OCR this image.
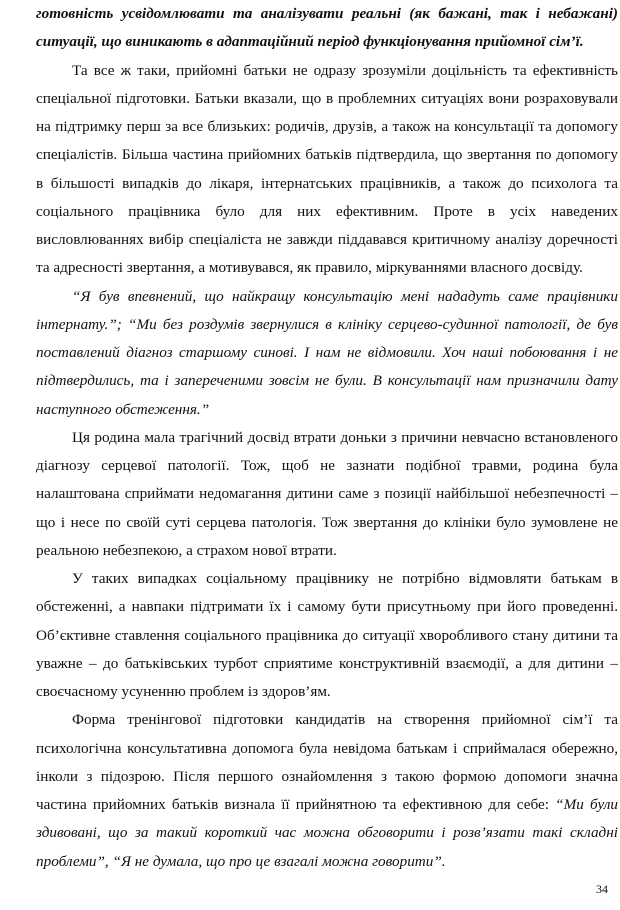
готовність усвідомлювати та аналізувати реальні (як бажані, так і небажані) ситуації, що виникають в адаптаційний період функціонування прийомної сім’ї.

Та все ж таки, прийомні батьки не одразу зрозуміли доцільність та ефективність спеціальної підготовки. Батьки вказали, що в проблемних ситуаціях вони розраховували на підтримку перш за все близьких: родичів, друзів, а також на консультації та допомогу спеціалістів. Більша частина прийомних батьків підтвердила, що звертання по допомогу в більшості випадків до лікаря, інтернатських працівників, а також до психолога та соціального працівника було для них ефективним. Проте в усіх наведених висловлюваннях вибір спеціаліста не завжди піддавався критичному аналізу доречності та адресності звертання, а мотивувався, як правило, міркуваннями власного досвіду.

“Я був впевнений, що найкращу консультацію мені нададуть саме працівники інтернату.”; “Ми без роздумів звернулися в клініку серцево-судинної патології, де був поставлений діагноз старшому синові. І нам не відмовили. Хоч наші побоювання і не підтвердились, та і запереченими зовсім не були. В консультації нам призначили дату наступного обстеження.”

Ця родина мала трагічний досвід втрати доньки з причини невчасно встановленого діагнозу серцевої патології. Тож, щоб не зазнати подібної травми, родина була налаштована сприймати недомагання дитини саме з позиції найбільшої небезпечності – що і несе по своїй суті серцева патологія. Тож звертання до клініки було зумовлене не реальною небезпекою, а страхом нової втрати.

У таких випадках соціальному працівнику не потрібно відмовляти батькам в обстеженні, а навпаки підтримати їх і самому бути присутньому при його проведенні. Об’єктивне ставлення соціального працівника до ситуації хворобливого стану дитини та уважне – до батьківських турбот сприятиме конструктивній взаємодії, а для дитини – своєчасному усуненню проблем із здоров’ям.

Форма тренінгової підготовки кандидатів на створення прийомної сім’ї та психологічна консультативна допомога була невідома батькам і сприймалася обережно, інколи з підозрою. Після першого ознайомлення з такою формою допомоги значна частина прийомних батьків визнала її прийнятною та ефективною для себе: “Ми були здивовані, що за такий короткий час можна обговорити і розв’язати такі складні проблеми”, “Я не думала, що про це взагалі можна говорити”.

34
